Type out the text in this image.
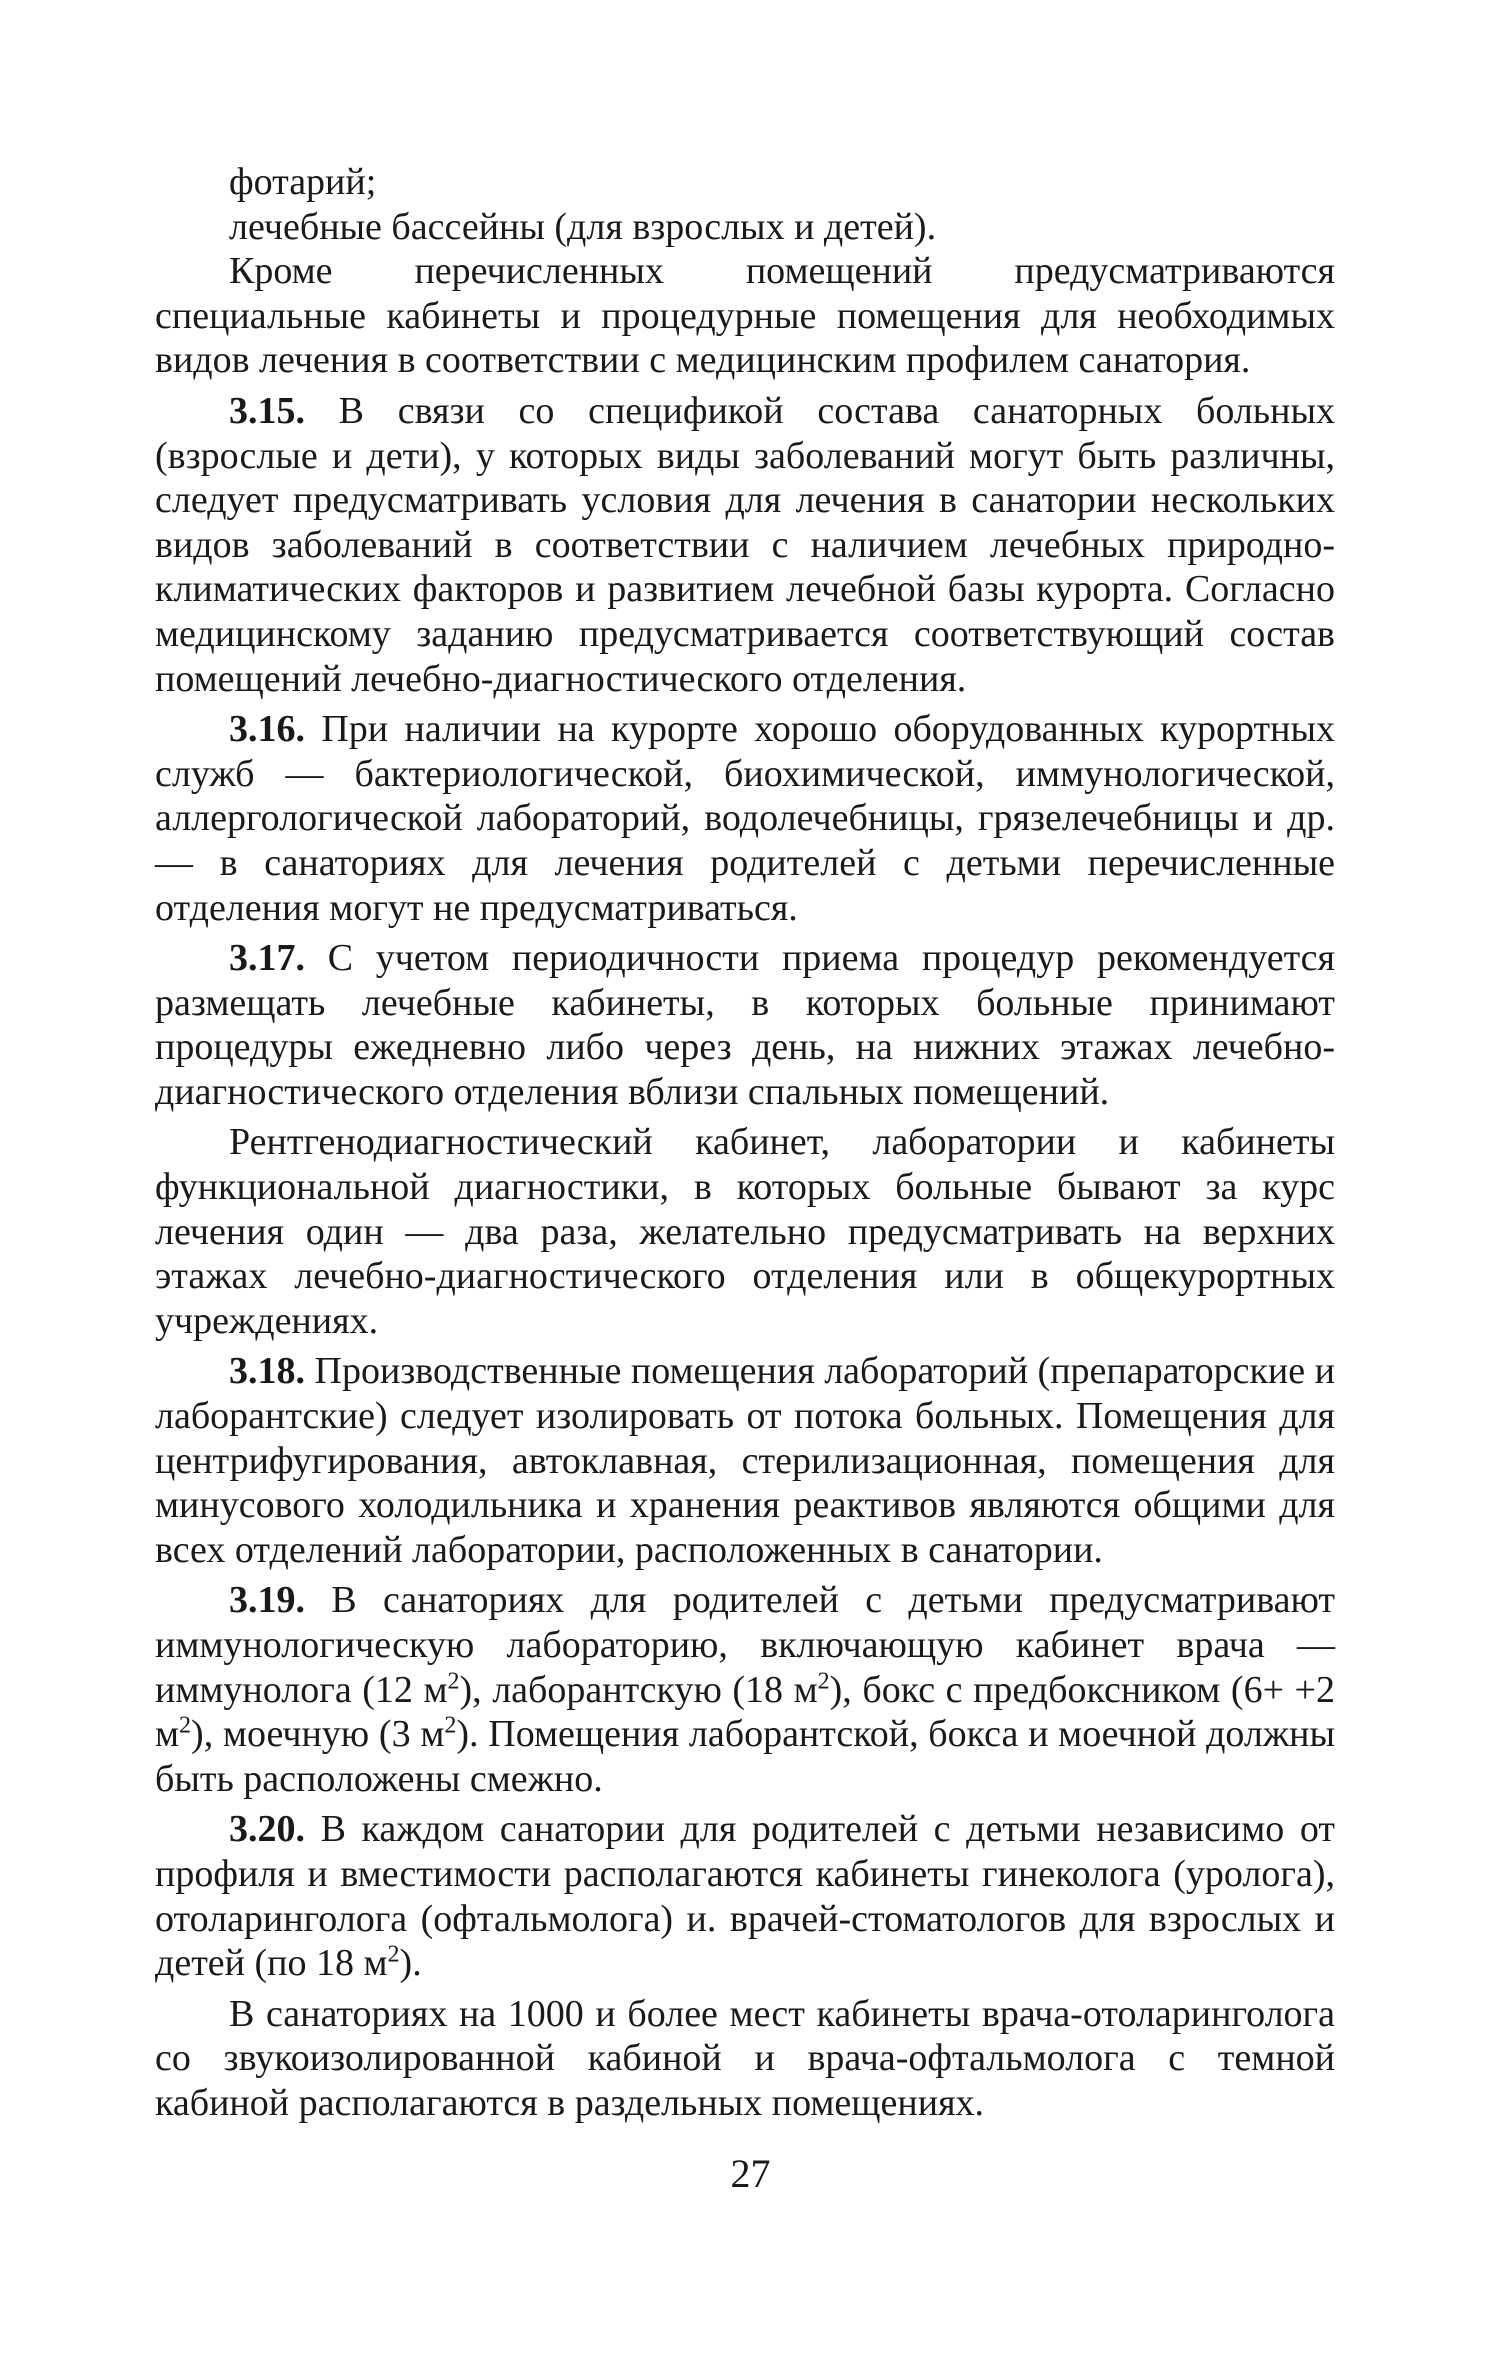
фотарий;

лечебные бассейны (для взрослых и детей).

Кроме перечисленных помещений предусматриваются специальные кабинеты и процедурные помещения для необходимых видов лечения в соответствии с медицинским профилем санатория.

3.15. В связи со спецификой состава санаторных больных (взрослые и дети), у которых виды заболеваний могут быть различны, следует предусматривать условия для лечения в санатории нескольких видов заболеваний в соответствии с наличием лечебных природно-климатических факторов и развитием лечебной базы курорта. Согласно медицинскому заданию предусматривается соответствующий состав помещений лечебно-диагностического отделения.

3.16. При наличии на курорте хорошо оборудованных курортных служб — бактериологической, биохимической, иммунологической, аллергологической лабораторий, водолечебницы, грязелечебницы и др.— в санаториях для лечения родителей с детьми перечисленные отделения могут не предусматриваться.

3.17. С учетом периодичности приема процедур рекомендуется размещать лечебные кабинеты, в которых больные принимают процедуры ежедневно либо через день, на нижних этажах лечебно-диагностического отделения вблизи спальных помещений.

Рентгенодиагностический кабинет, лаборатории и кабинеты функциональной диагностики, в которых больные бывают за курс лечения один — два раза, желательно предусматривать на верхних этажах лечебно-диагностического отделения или в общекурортных учреждениях.

3.18. Производственные помещения лабораторий (препараторские и лаборантские) следует изолировать от потока больных. Помещения для центрифугирования, автоклавная, стерилизационная, помещения для минусового холодильника и хранения реактивов являются общими для всех отделений лаборатории, расположенных в санатории.

3.19. В санаториях для родителей с детьми предусматривают иммунологическую лабораторию, включающую кабинет врача — иммунолога (12 $м^2$), лаборантскую (18 $м^2$), бокс с предбоксником (6+ +2 $м^2$), моечную (3 $м^2$). Помещения лаборантской, бокса и моечной должны быть расположены смежно.

3.20. В каждом санатории для родителей с детьми независимо от профиля и вместимости располагаются кабинеты гинеколога (уролога), отоларинголога (офтальмолога) и. врачей-стоматологов для взрослых и детей (по 18 $м^2$).

В санаториях на 1000 и более мест кабинеты врача-отоларинголога со звукоизолированной кабиной и врача-офтальмолога с темной кабиной располагаются в раздельных помещениях.

27
